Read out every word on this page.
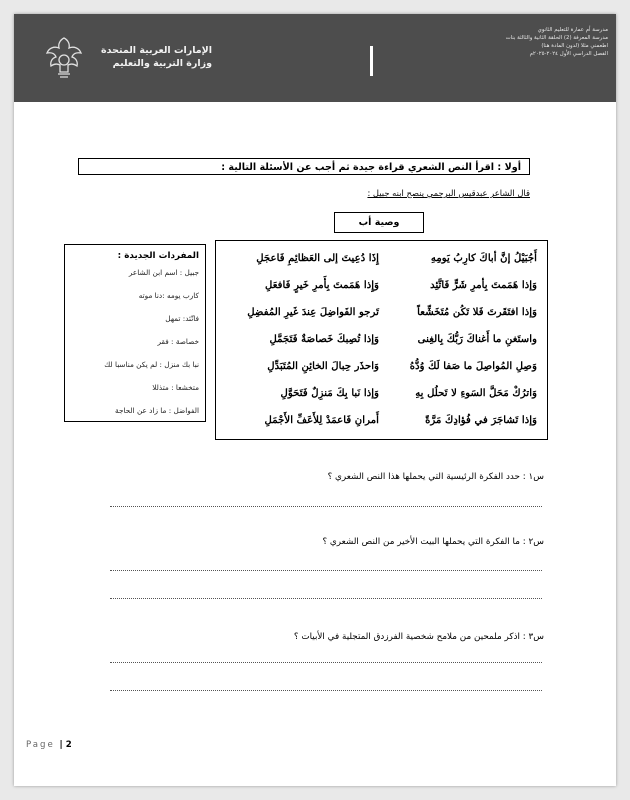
الإمارات العربية المتحدة
وزارة التربية والتعليم
مدرسة أم عمارة للتعليم الثانوي
مدرسة المعرفة (2) الحلقة الثانية والثالثة بنات
اطعمني مثلا (لدون المادة هنا)
الفصل الدراسي الأول ٢٠٢٤-٢٠٢٥م
أولا : اقرأ النص الشعري قراءة جيدة ثم أجب عن الأسئلة التالية :
قال الشاعر عبدقيس البرجمي ينصح ابنه جبيل :
وصية أب
أَجُبَيْلُ إنَّ أباكَ كارِبُ يَومِهِ
إِذَا دُعِيتَ إلى العَظائِمِ فَاعجَلِ
وَإذا هَمَمتَ بِأمرِ شَرٍّ فَاتَّئِد
وَإِذا هَمَمتَ بِأَمرِ خَيرٍ فَافعَلِ
وَإذا افتَقَرتَ فَلا تَكُن مُتَخَشِّعاً
تَرجو الفَواضِلَ عِندَ غَيرِ المُفضِلِ
واستَغنِ ما أَغناكَ رَبُّكَ بِالغِنى
وَإذا تُصِبكَ خَصاصَةٌ فَتَجَمَّلِ
وَصِلِ المُواصِلَ ما صَفا لَكَ وُدُّهُ
وَاحذَر حِبالَ الخائِنِ المُتَبَدِّلِ
وَاترُكْ مَحَلَّ السَوءِ لا تَحلُل بِهِ
وَإذا نَبا بِكَ مَنزِلٌ فَتَحَوَّلِ
وَإذا تَشاجَرَ في فُؤادِكَ مَرَّةً
أَمرانِ فَاعمَدْ لِلأَعَفِّ الأَجْمَلِ
المفردات الجديدة :
جبيل : اسم ابن الشاعر
كارب يومه :دنا موته
فاتّئد: تمهل
خصاصة : فقر
نبا بك منزل : لم يكن مناسبا لك
متخشعا : متذللا
الفواضل : ما زاد عن الحاجة
س١ : حدد الفكرة الرئيسية التي يحملها هذا النص الشعري ؟
س٢ : ما الفكرة التي يحملها البيت الأخير من النص الشعري ؟
س٣ : اذكر ملمحين من ملامح شخصية الفرزدق المتجلية في الأبيات ؟
Page | 2
